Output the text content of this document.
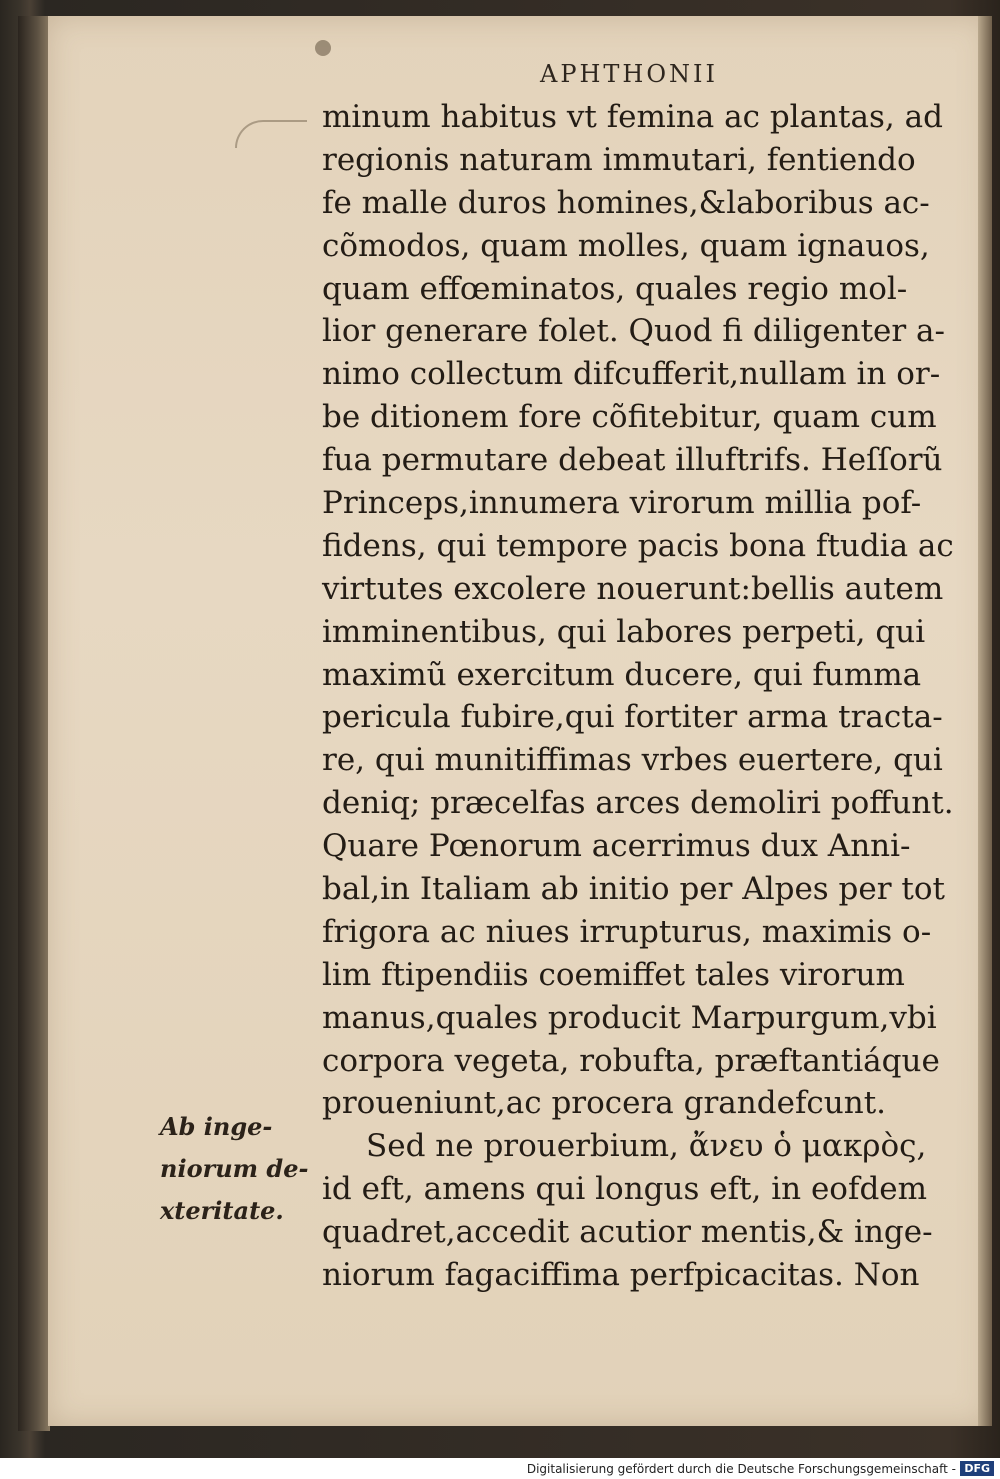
APHTHONII
minum habitus vt femina ac plantas, ad
regionis naturam immutari, fentiendo
fe malle duros homines,&laboribus ac-
cõmodos, quam molles, quam ignauos,
quam effœminatos, quales regio mol-
lior generare folet. Quod fi diligenter a-
nimo collectum difcufferit,nullam in or-
be ditionem fore cõfitebitur, quam cum
fua permutare debeat illuftrifs. Heſſorũ
Princeps,innumera virorum millia pof-
fidens, qui tempore pacis bona ftudia ac
virtutes excolere nouerunt:bellis autem
imminentibus, qui labores perpeti, qui
maximũ exercitum ducere, qui fumma
pericula fubire,qui fortiter arma tracta-
re, qui munitiffimas vrbes euertere, qui
deniq; præcelfas arces demoliri poffunt.
Quare Pœnorum acerrimus dux Anni-
bal,in Italiam ab initio per Alpes per tot
frigora ac niues irrupturus, maximis o-
lim ftipendiis coemiffet tales virorum
manus,quales producit Marpurgum,vbi
corpora vegeta, robufta, præftantiáque
proueniunt,ac procera grandefcunt.
Sed ne prouerbium, ἄνευ ὁ μακρὸς,
id eft, amens qui longus eft, in eofdem
quadret,accedit acutior mentis,& inge-
niorum fagaciffima perfpicacitas. Non
Ab inge-
niorum de-
xteritate.
Digitalisierung gefördert durch die Deutsche Forschungsgemeinschaft - DFG
